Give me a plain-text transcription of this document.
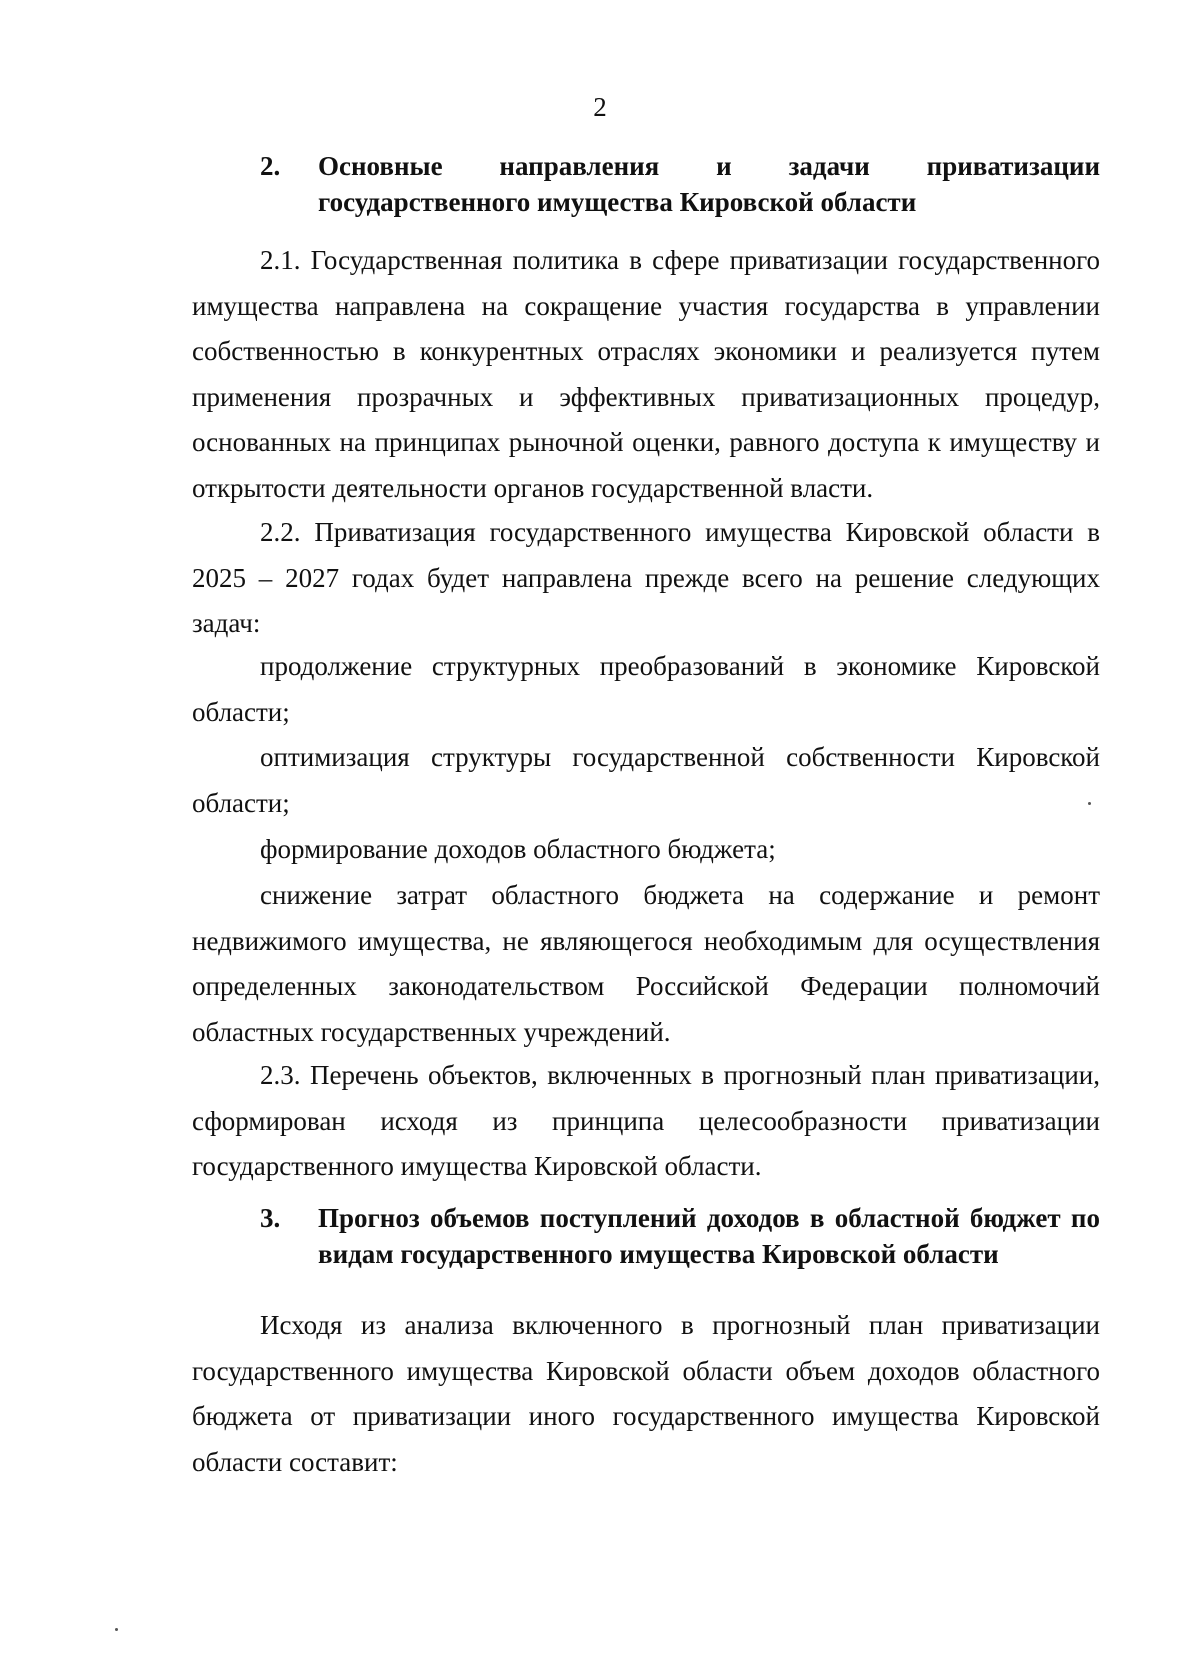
2
2. Основные направления и задачи приватизации
государственного имущества Кировской области

2.1. Государственная политика в сфере приватизации государственного имущества направлена на сокращение участия государства в управлении собственностью в конкурентных отраслях экономики и реализуется путем применения прозрачных и эффективных приватизационных процедур, основанных на принципах рыночной оценки, равного доступа к имуществу и открытости деятельности органов государственной власти.

2.2. Приватизация государственного имущества Кировской области в 2025 – 2027 годах будет направлена прежде всего на решение следующих задач:

продолжение структурных преобразований в экономике Кировской области;

оптимизация структуры государственной собственности Кировской области;

формирование доходов областного бюджета;

снижение затрат областного бюджета на содержание и ремонт недвижимого имущества, не являющегося необходимым для осуществления определенных законодательством Российской Федерации полномочий областных государственных учреждений.

2.3. Перечень объектов, включенных в прогнозный план приватизации, сформирован исходя из принципа целесообразности приватизации государственного имущества Кировской области.

3. Прогноз объемов поступлений доходов в областной бюджет по
видам государственного имущества Кировской области

Исходя из анализа включенного в прогнозный план приватизации государственного имущества Кировской области объем доходов областного бюджета от приватизации иного государственного имущества Кировской области составит:
